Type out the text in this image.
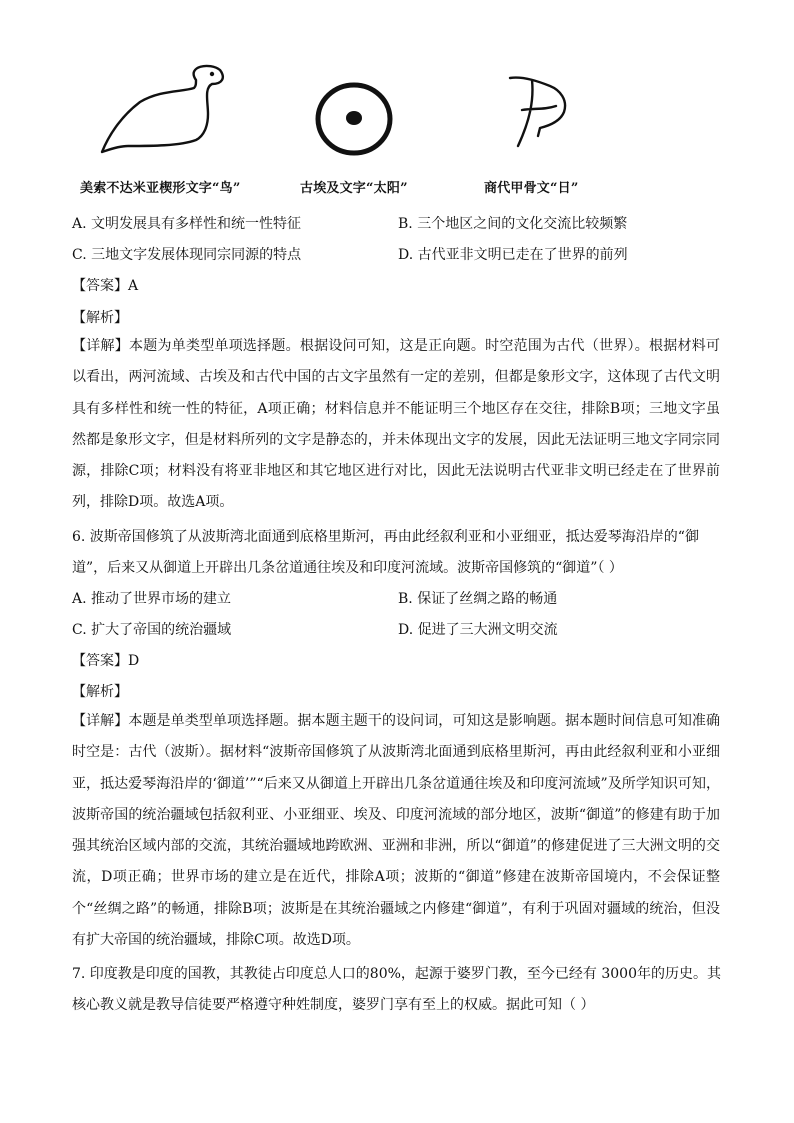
美索不达米亚楔形文字“鸟”	古埃及文字“太阳”	商代甲骨文“日”
A. 文明发展具有多样性和统一性特征	B. 三个地区之间的文化交流比较频繁
C. 三地文字发展体现同宗同源的特点	D. 古代亚非文明已走在了世界的前列
【答案】A
【解析】
【详解】本题为单类型单项选择题。根据设问可知，这是正向题。时空范围为古代（世界）。根据材料可以看出，两河流域、古埃及和古代中国的古文字虽然有一定的差别，但都是象形文字，这体现了古代文明具有多样性和统一性的特征，A项正确；材料信息并不能证明三个地区存在交往，排除B项；三地文字虽然都是象形文字，但是材料所列的文字是静态的，并未体现出文字的发展，因此无法证明三地文字同宗同源，排除C项；材料没有将亚非地区和其它地区进行对比，因此无法说明古代亚非文明已经走在了世界前列，排除D项。故选A项。
6. 波斯帝国修筑了从波斯湾北面通到底格里斯河，再由此经叙利亚和小亚细亚，抵达爱琴海沿岸的“御
道”，后来又从御道上开辟出几条岔道通往埃及和印度河流域。波斯帝国修筑的“御道”（ ）
A. 推动了世界市场的建立	B. 保证了丝绸之路的畅通
C. 扩大了帝国的统治疆域	D. 促进了三大洲文明交流
【答案】D
【解析】
【详解】本题是单类型单项选择题。据本题主题干的设问词，可知这是影响题。据本题时间信息可知准确时空是：古代（波斯）。据材料“波斯帝国修筑了从波斯湾北面通到底格里斯河，再由此经叙利亚和小亚细亚，抵达爱琴海沿岸的‘御道’”“后来又从御道上开辟出几条岔道通往埃及和印度河流域”及所学知识可知，波斯帝国的统治疆域包括叙利亚、小亚细亚、埃及、印度河流域的部分地区，波斯“御道”的修建有助于加强其统治区域内部的交流，其统治疆域地跨欧洲、亚洲和非洲，所以“御道”的修建促进了三大洲文明的交流，D项正确；世界市场的建立是在近代，排除A项；波斯的“御道”修建在波斯帝国境内，不会保证整个“丝绸之路”的畅通，排除B项；波斯是在其统治疆域之内修建“御道”，有利于巩固对疆域的统治，但没有扩大帝国的统治疆域，排除C项。故选D项。
7. 印度教是印度的国教，其教徒占印度总人口的80%，起源于婆罗门教，至今已经有 3000年的历史。其
核心教义就是教导信徒要严格遵守种姓制度，婆罗门享有至上的权威。据此可知（ ）
